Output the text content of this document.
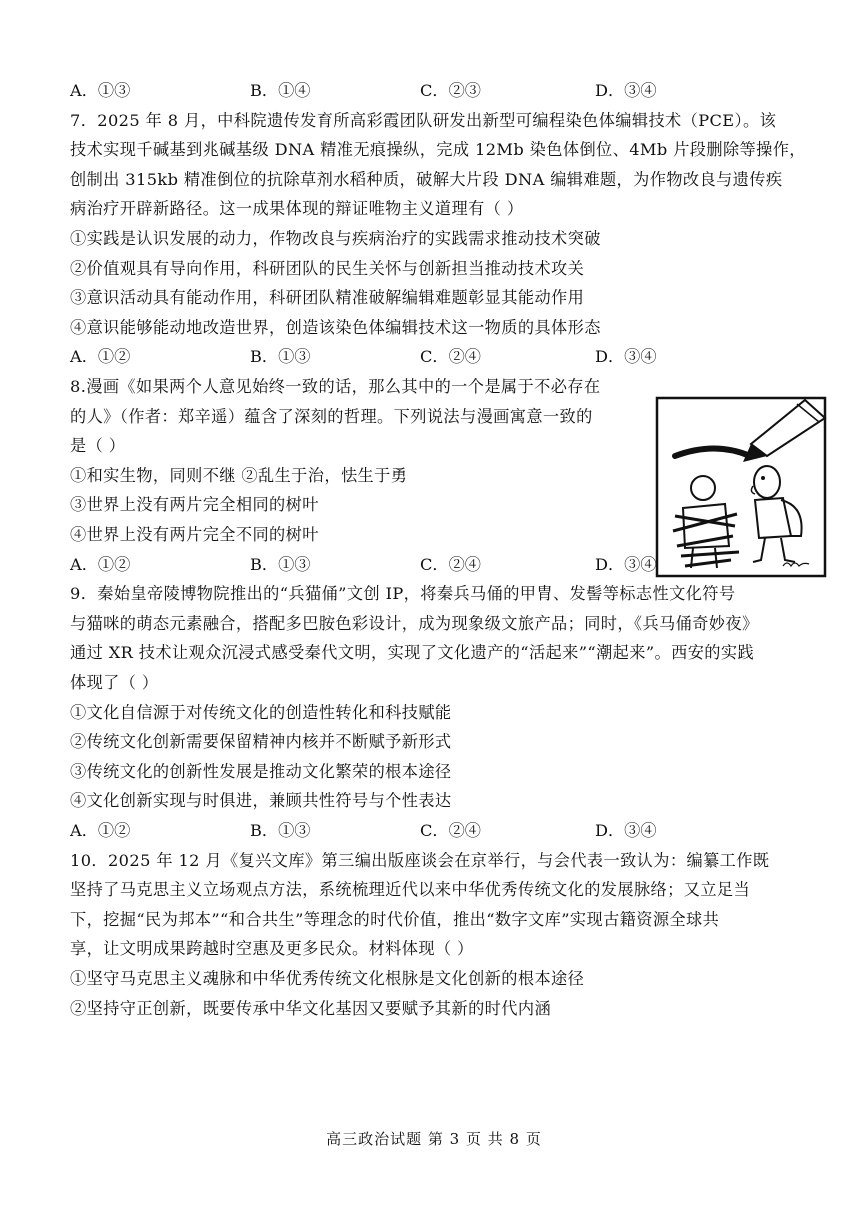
A．①③	B．①④	C．②③	D．③④
7．2025 年 8 月，中科院遗传发育所高彩霞团队研发出新型可编程染色体编辑技术（PCE）。该
技术实现千碱基到兆碱基级 DNA 精准无痕操纵，完成 12Mb 染色体倒位、4Mb 片段删除等操作，
创制出 315kb 精准倒位的抗除草剂水稻种质，破解大片段 DNA 编辑难题，为作物改良与遗传疾
病治疗开辟新路径。这一成果体现的辩证唯物主义道理有（ ）
①实践是认识发展的动力，作物改良与疾病治疗的实践需求推动技术突破
②价值观具有导向作用，科研团队的民生关怀与创新担当推动技术攻关
③意识活动具有能动作用，科研团队精准破解编辑难题彰显其能动作用
④意识能够能动地改造世界，创造该染色体编辑技术这一物质的具体形态
A．①②	B．①③	C．②④	D．③④
8.漫画《如果两个人意见始终一致的话，那么其中的一个是属于不必存在
的人》（作者：郑辛遥）蕴含了深刻的哲理。下列说法与漫画寓意一致的
是（ ）
①和实生物，同则不继 ②乱生于治，怯生于勇
③世界上没有两片完全相同的树叶
④世界上没有两片完全不同的树叶
A．①②	B．①③	C．②④	D．③④
9．秦始皇帝陵博物院推出的“兵猫俑”文创 IP，将秦兵马俑的甲胄、发髻等标志性文化符号
与猫咪的萌态元素融合，搭配多巴胺色彩设计，成为现象级文旅产品；同时，《兵马俑奇妙夜》
通过 XR 技术让观众沉浸式感受秦代文明，实现了文化遗产的“活起来”“潮起来”。西安的实践
体现了（ ）
①文化自信源于对传统文化的创造性转化和科技赋能
②传统文化创新需要保留精神内核并不断赋予新形式
③传统文化的创新性发展是推动文化繁荣的根本途径
④文化创新实现与时俱进，兼顾共性符号与个性表达
A．①②	B．①③	C．②④	D．③④
10．2025 年 12 月《复兴文库》第三编出版座谈会在京举行，与会代表一致认为：编纂工作既
坚持了马克思主义立场观点方法，系统梳理近代以来中华优秀传统文化的发展脉络；又立足当
下，挖掘“民为邦本”“和合共生”等理念的时代价值，推出“数字文库”实现古籍资源全球共
享，让文明成果跨越时空惠及更多民众。材料体现（ ）
①坚守马克思主义魂脉和中华优秀传统文化根脉是文化创新的根本途径
②坚持守正创新，既要传承中华文化基因又要赋予其新的时代内涵
高三政治试题 第 3 页 共 8 页
